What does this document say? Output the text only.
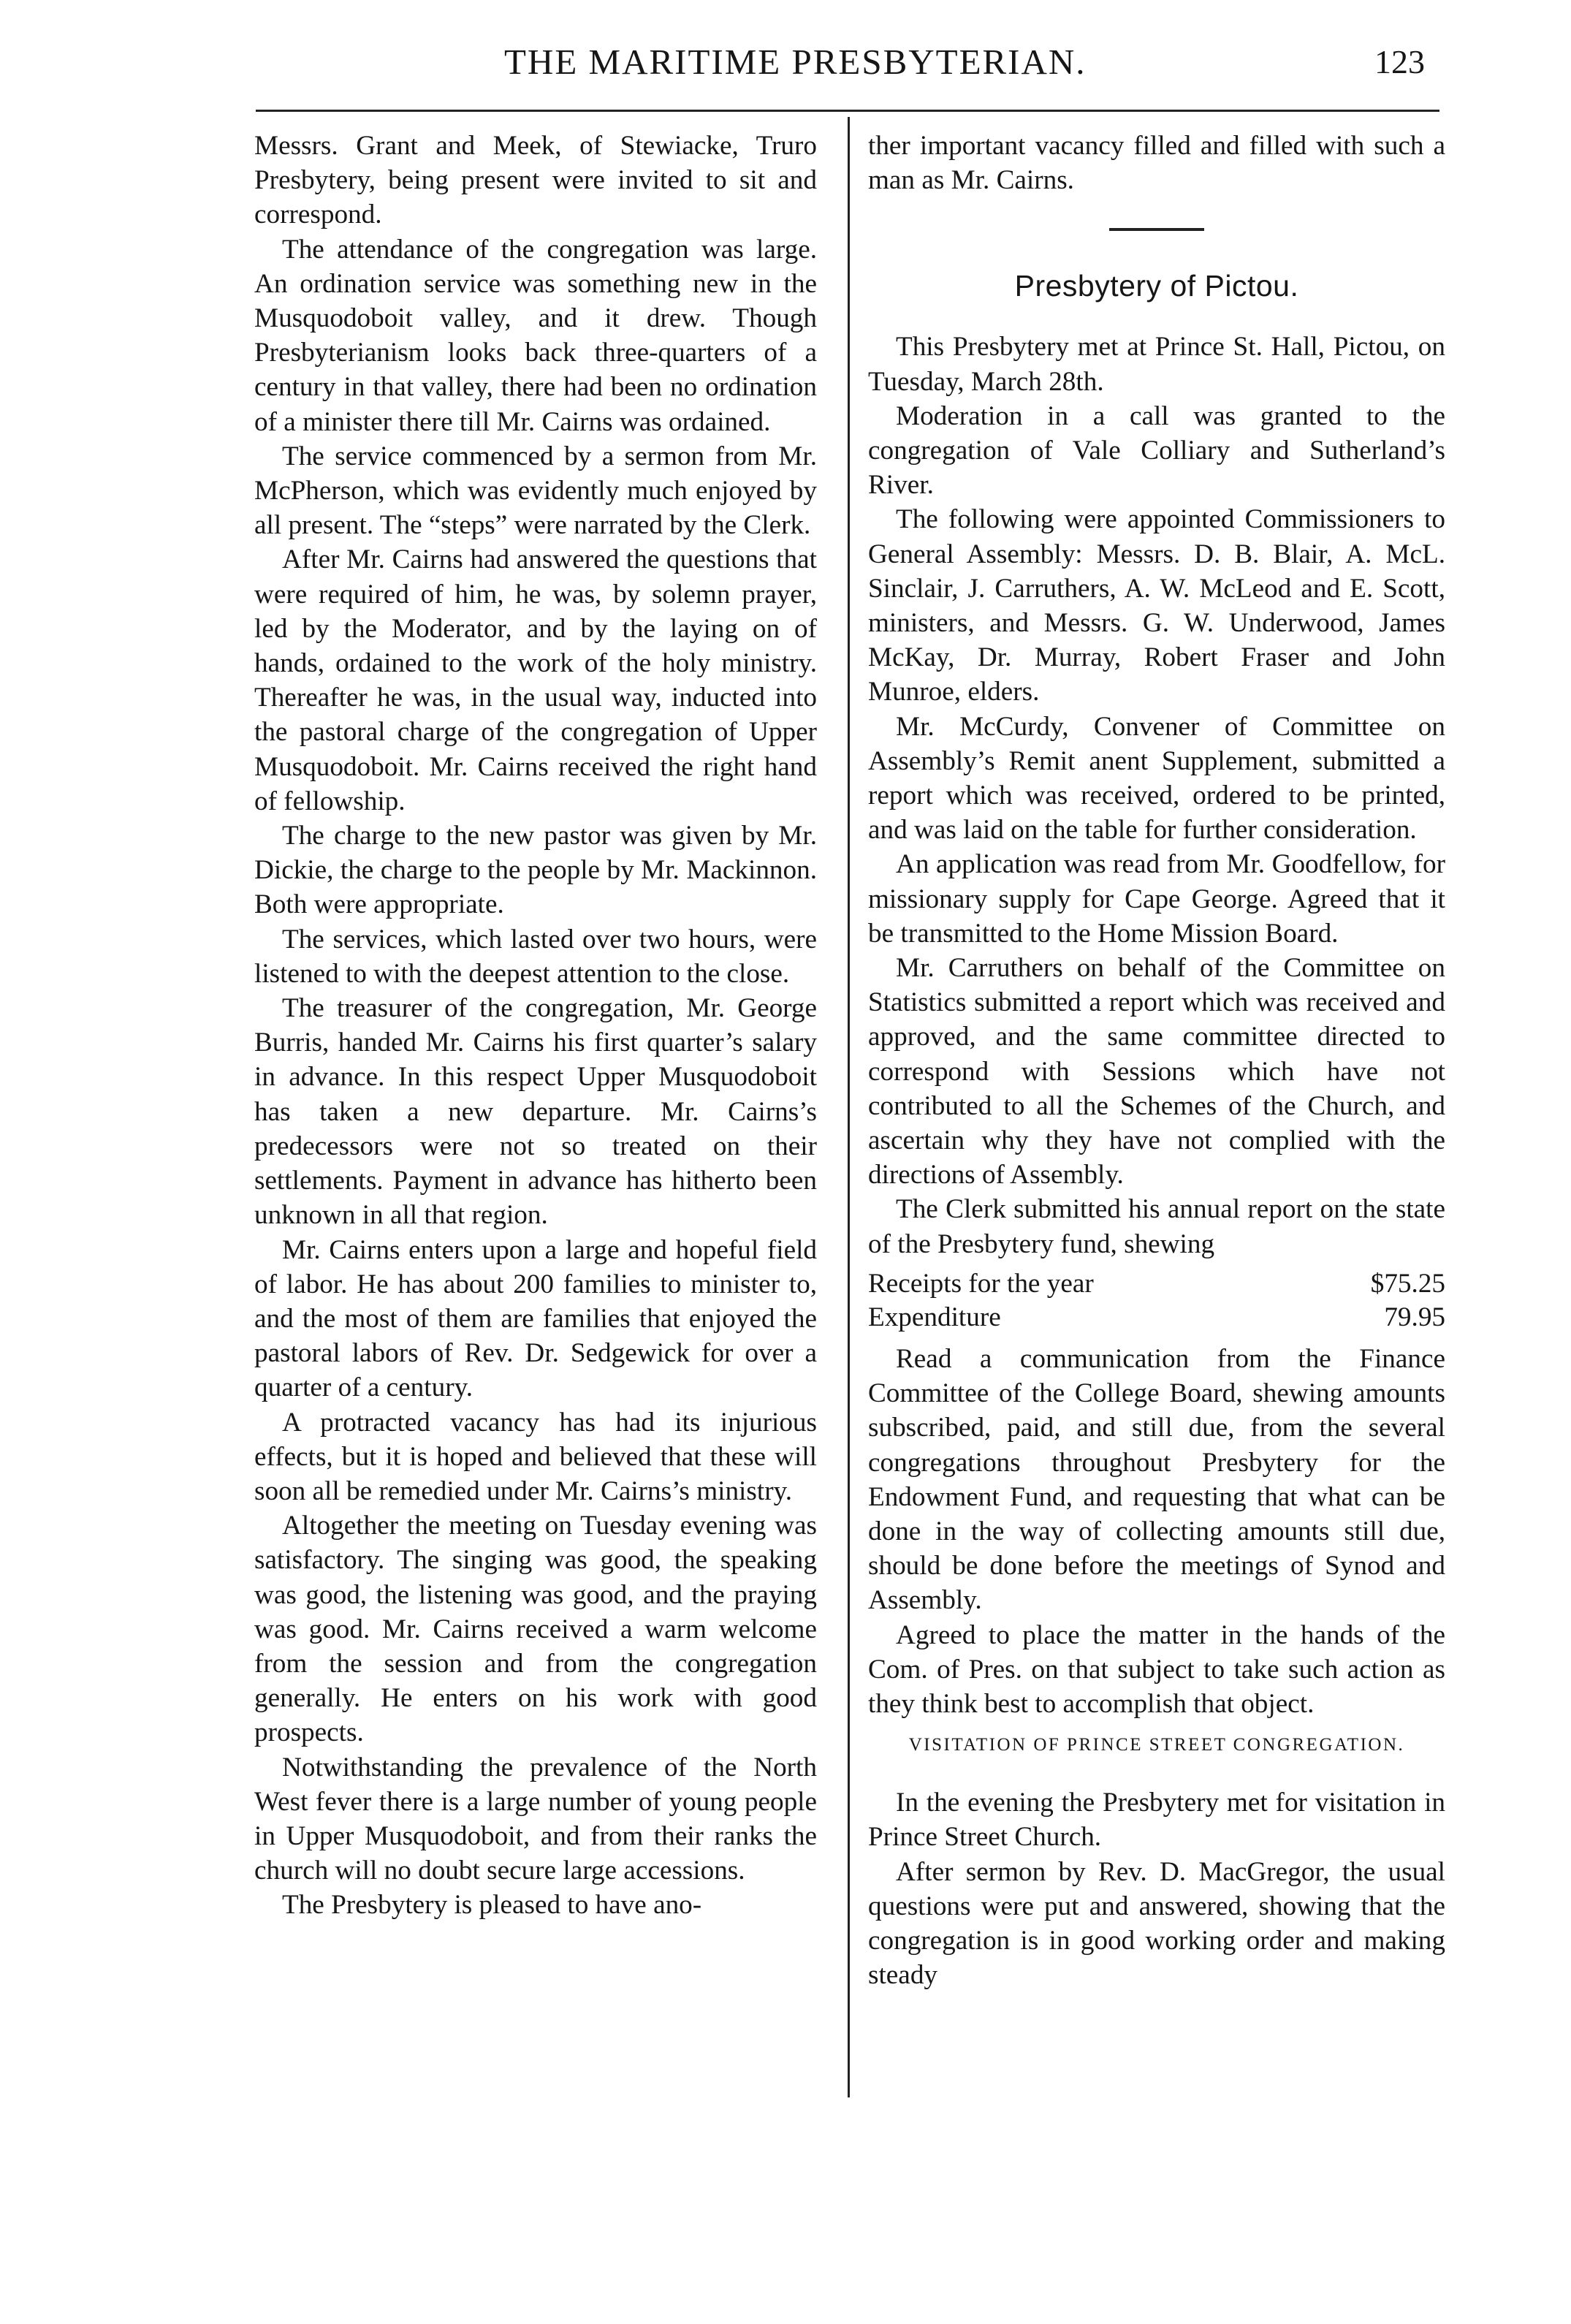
THE MARITIME PRESBYTERIAN.	123

Messrs. Grant and Meek, of Stewiacke, Truro Presbytery, being present were invited to sit and correspond.

The attendance of the congregation was large. An ordination service was something new in the Musquodoboit valley, and it drew. Though Presbyterianism looks back three-quarters of a century in that valley, there had been no ordination of a minister there till Mr. Cairns was ordained.

The service commenced by a sermon from Mr. McPherson, which was evidently much enjoyed by all present. The “steps” were narrated by the Clerk.

After Mr. Cairns had answered the questions that were required of him, he was, by solemn prayer, led by the Moderator, and by the laying on of hands, ordained to the work of the holy ministry. Thereafter he was, in the usual way, inducted into the pastoral charge of the congregation of Upper Musquodoboit. Mr. Cairns received the right hand of fellowship.

The charge to the new pastor was given by Mr. Dickie, the charge to the people by Mr. Mackinnon. Both were appropriate.

The services, which lasted over two hours, were listened to with the deepest attention to the close.

The treasurer of the congregation, Mr. George Burris, handed Mr. Cairns his first quarter’s salary in advance. In this respect Upper Musquodoboit has taken a new departure. Mr. Cairns’s predecessors were not so treated on their settlements. Payment in advance has hitherto been unknown in all that region.

Mr. Cairns enters upon a large and hopeful field of labor. He has about 200 families to minister to, and the most of them are families that enjoyed the pastoral labors of Rev. Dr. Sedgewick for over a quarter of a century.

A protracted vacancy has had its injurious effects, but it is hoped and believed that these will soon all be remedied under Mr. Cairns’s ministry.

Altogether the meeting on Tuesday evening was satisfactory. The singing was good, the speaking was good, the listening was good, and the praying was good. Mr. Cairns received a warm welcome from the session and from the congregation generally. He enters on his work with good prospects.

Notwithstanding the prevalence of the North West fever there is a large number of young people in Upper Musquodoboit, and from their ranks the church will no doubt secure large accessions.

The Presbytery is pleased to have ano-

ther important vacancy filled and filled with such a man as Mr. Cairns.

Presbytery of Pictou.

This Presbytery met at Prince St. Hall, Pictou, on Tuesday, March 28th.

Moderation in a call was granted to the congregation of Vale Colliary and Sutherland’s River.

The following were appointed Commissioners to General Assembly: Messrs. D. B. Blair, A. McL. Sinclair, J. Carruthers, A. W. McLeod and E. Scott, ministers, and Messrs. G. W. Underwood, James McKay, Dr. Murray, Robert Fraser and John Munroe, elders.

Mr. McCurdy, Convener of Committee on Assembly’s Remit anent Supplement, submitted a report which was received, ordered to be printed, and was laid on the table for further consideration.

An application was read from Mr. Goodfellow, for missionary supply for Cape George. Agreed that it be transmitted to the Home Mission Board.

Mr. Carruthers on behalf of the Committee on Statistics submitted a report which was received and approved, and the same committee directed to correspond with Sessions which have not contributed to all the Schemes of the Church, and ascertain why they have not complied with the directions of Assembly.

The Clerk submitted his annual report on the state of the Presbytery fund, shewing

Receipts for the year	$75.25
Expenditure	79.95

Read a communication from the Finance Committee of the College Board, shewing amounts subscribed, paid, and still due, from the several congregations throughout Presbytery for the Endowment Fund, and requesting that what can be done in the way of collecting amounts still due, should be done before the meetings of Synod and Assembly.

Agreed to place the matter in the hands of the Com. of Pres. on that subject to take such action as they think best to accomplish that object.

VISITATION OF PRINCE STREET CONGREGATION.

In the evening the Presbytery met for visitation in Prince Street Church.

After sermon by Rev. D. MacGregor, the usual questions were put and answered, showing that the congregation is in good working order and making steady
